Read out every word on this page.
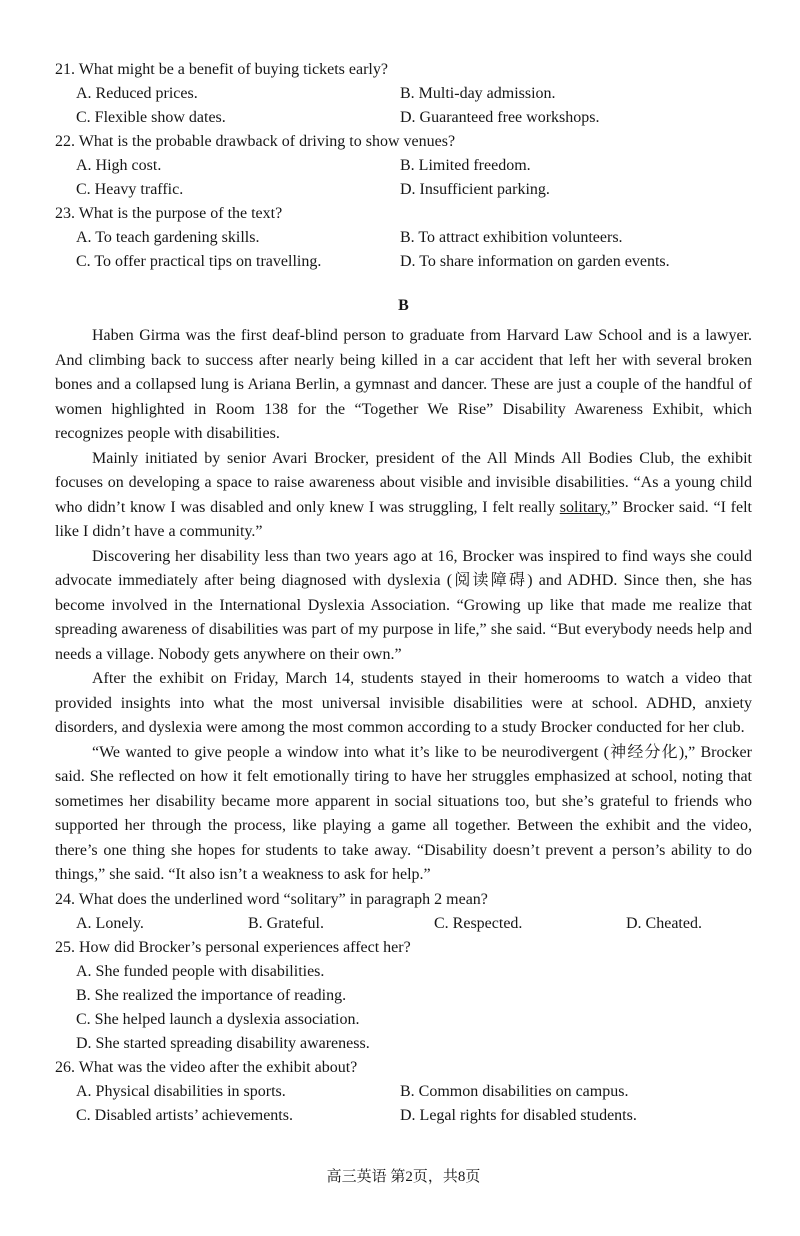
21. What might be a benefit of buying tickets early?
A. Reduced prices.	B. Multi-day admission.
C. Flexible show dates.	D. Guaranteed free workshops.
22. What is the probable drawback of driving to show venues?
A. High cost.	B. Limited freedom.
C. Heavy traffic.	D. Insufficient parking.
23. What is the purpose of the text?
A. To teach gardening skills.	B. To attract exhibition volunteers.
C. To offer practical tips on travelling.	D. To share information on garden events.
B
Haben Girma was the first deaf-blind person to graduate from Harvard Law School and is a lawyer. And climbing back to success after nearly being killed in a car accident that left her with several broken bones and a collapsed lung is Ariana Berlin, a gymnast and dancer. These are just a couple of the handful of women highlighted in Room 138 for the “Together We Rise” Disability Awareness Exhibit, which recognizes people with disabilities.
Mainly initiated by senior Avari Brocker, president of the All Minds All Bodies Club, the exhibit focuses on developing a space to raise awareness about visible and invisible disabilities. “As a young child who didn’t know I was disabled and only knew I was struggling, I felt really solitary,” Brocker said. “I felt like I didn’t have a community.”
Discovering her disability less than two years ago at 16, Brocker was inspired to find ways she could advocate immediately after being diagnosed with dyslexia (阅读障碍) and ADHD. Since then, she has become involved in the International Dyslexia Association. “Growing up like that made me realize that spreading awareness of disabilities was part of my purpose in life,” she said. “But everybody needs help and needs a village. Nobody gets anywhere on their own.”
After the exhibit on Friday, March 14, students stayed in their homerooms to watch a video that provided insights into what the most universal invisible disabilities were at school. ADHD, anxiety disorders, and dyslexia were among the most common according to a study Brocker conducted for her club.
“We wanted to give people a window into what it’s like to be neurodivergent (神经分化),” Brocker said. She reflected on how it felt emotionally tiring to have her struggles emphasized at school, noting that sometimes her disability became more apparent in social situations too, but she’s grateful to friends who supported her through the process, like playing a game all together. Between the exhibit and the video, there’s one thing she hopes for students to take away. “Disability doesn’t prevent a person’s ability to do things,” she said. “It also isn’t a weakness to ask for help.”
24. What does the underlined word “solitary” in paragraph 2 mean?
A. Lonely.	B. Grateful.	C. Respected.	D. Cheated.
25. How did Brocker’s personal experiences affect her?
A. She funded people with disabilities.
B. She realized the importance of reading.
C. She helped launch a dyslexia association.
D. She started spreading disability awareness.
26. What was the video after the exhibit about?
A. Physical disabilities in sports.	B. Common disabilities on campus.
C. Disabled artists’ achievements.	D. Legal rights for disabled students.
高三英语 第2页，共8页
